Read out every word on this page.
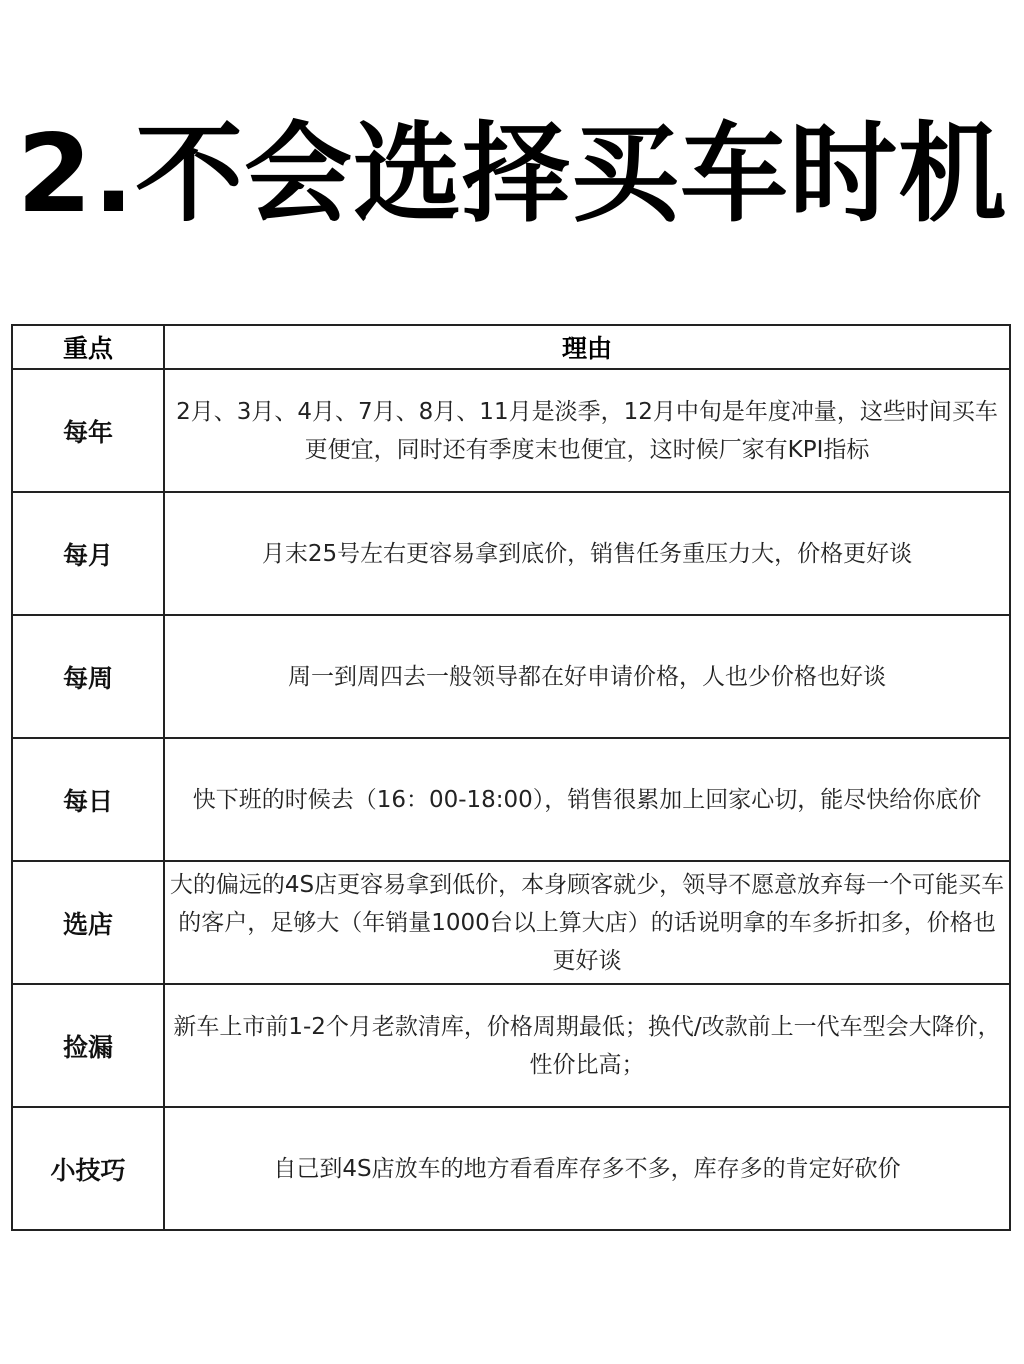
2.不会选择买车时机
重点	理由
每年	2月、3月、4月、7月、8月、11月是淡季，12月中旬是年度冲量，这些时间买车更便宜，同时还有季度末也便宜，这时候厂家有KPI指标
每月	月末25号左右更容易拿到底价，销售任务重压力大，价格更好谈
每周	周一到周四去一般领导都在好申请价格，人也少价格也好谈
每日	快下班的时候去（16：00-18:00），销售很累加上回家心切，能尽快给你底价
选店	大的偏远的4S店更容易拿到低价，本身顾客就少，领导不愿意放弃每一个可能买车的客户，足够大（年销量1000台以上算大店）的话说明拿的车多折扣多，价格也更好谈
捡漏	新车上市前1-2个月老款清库，价格周期最低；换代/改款前上一代车型会大降价，性价比高；
小技巧	自己到4S店放车的地方看看库存多不多，库存多的肯定好砍价
